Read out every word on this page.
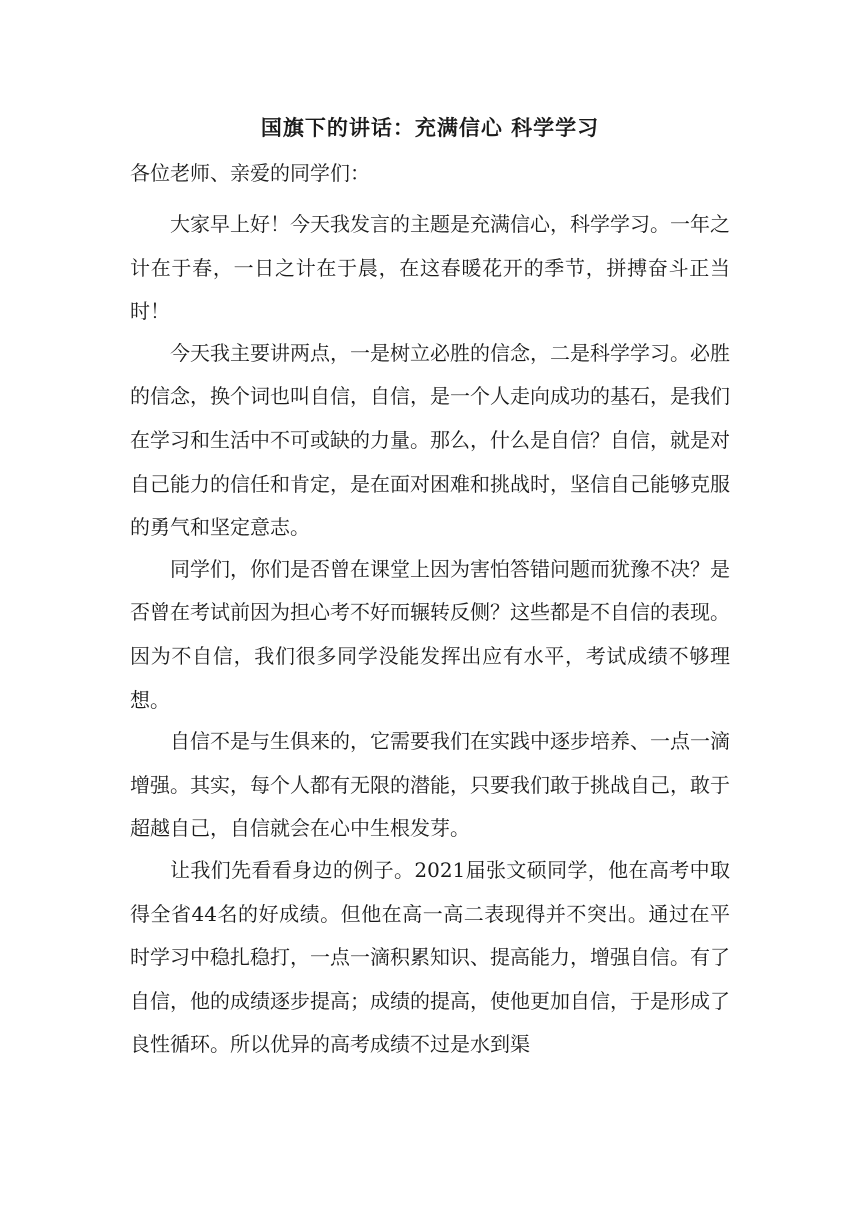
国旗下的讲话：充满信心 科学学习

各位老师、亲爱的同学们：

大家早上好！今天我发言的主题是充满信心，科学学习。一年之计在于春，一日之计在于晨，在这春暖花开的季节，拼搏奋斗正当时！

今天我主要讲两点，一是树立必胜的信念，二是科学学习。必胜的信念，换个词也叫自信，自信，是一个人走向成功的基石，是我们在学习和生活中不可或缺的力量。那么，什么是自信？自信，就是对自己能力的信任和肯定，是在面对困难和挑战时，坚信自己能够克服的勇气和坚定意志。

同学们，你们是否曾在课堂上因为害怕答错问题而犹豫不决？是否曾在考试前因为担心考不好而辗转反侧？这些都是不自信的表现。因为不自信，我们很多同学没能发挥出应有水平，考试成绩不够理想。

自信不是与生俱来的，它需要我们在实践中逐步培养、一点一滴增强。其实，每个人都有无限的潜能，只要我们敢于挑战自己，敢于超越自己，自信就会在心中生根发芽。

让我们先看看身边的例子。2021届张文硕同学，他在高考中取得全省44名的好成绩。但他在高一高二表现得并不突出。通过在平时学习中稳扎稳打，一点一滴积累知识、提高能力，增强自信。有了自信，他的成绩逐步提高；成绩的提高，使他更加自信，于是形成了良性循环。所以优异的高考成绩不过是水到渠
